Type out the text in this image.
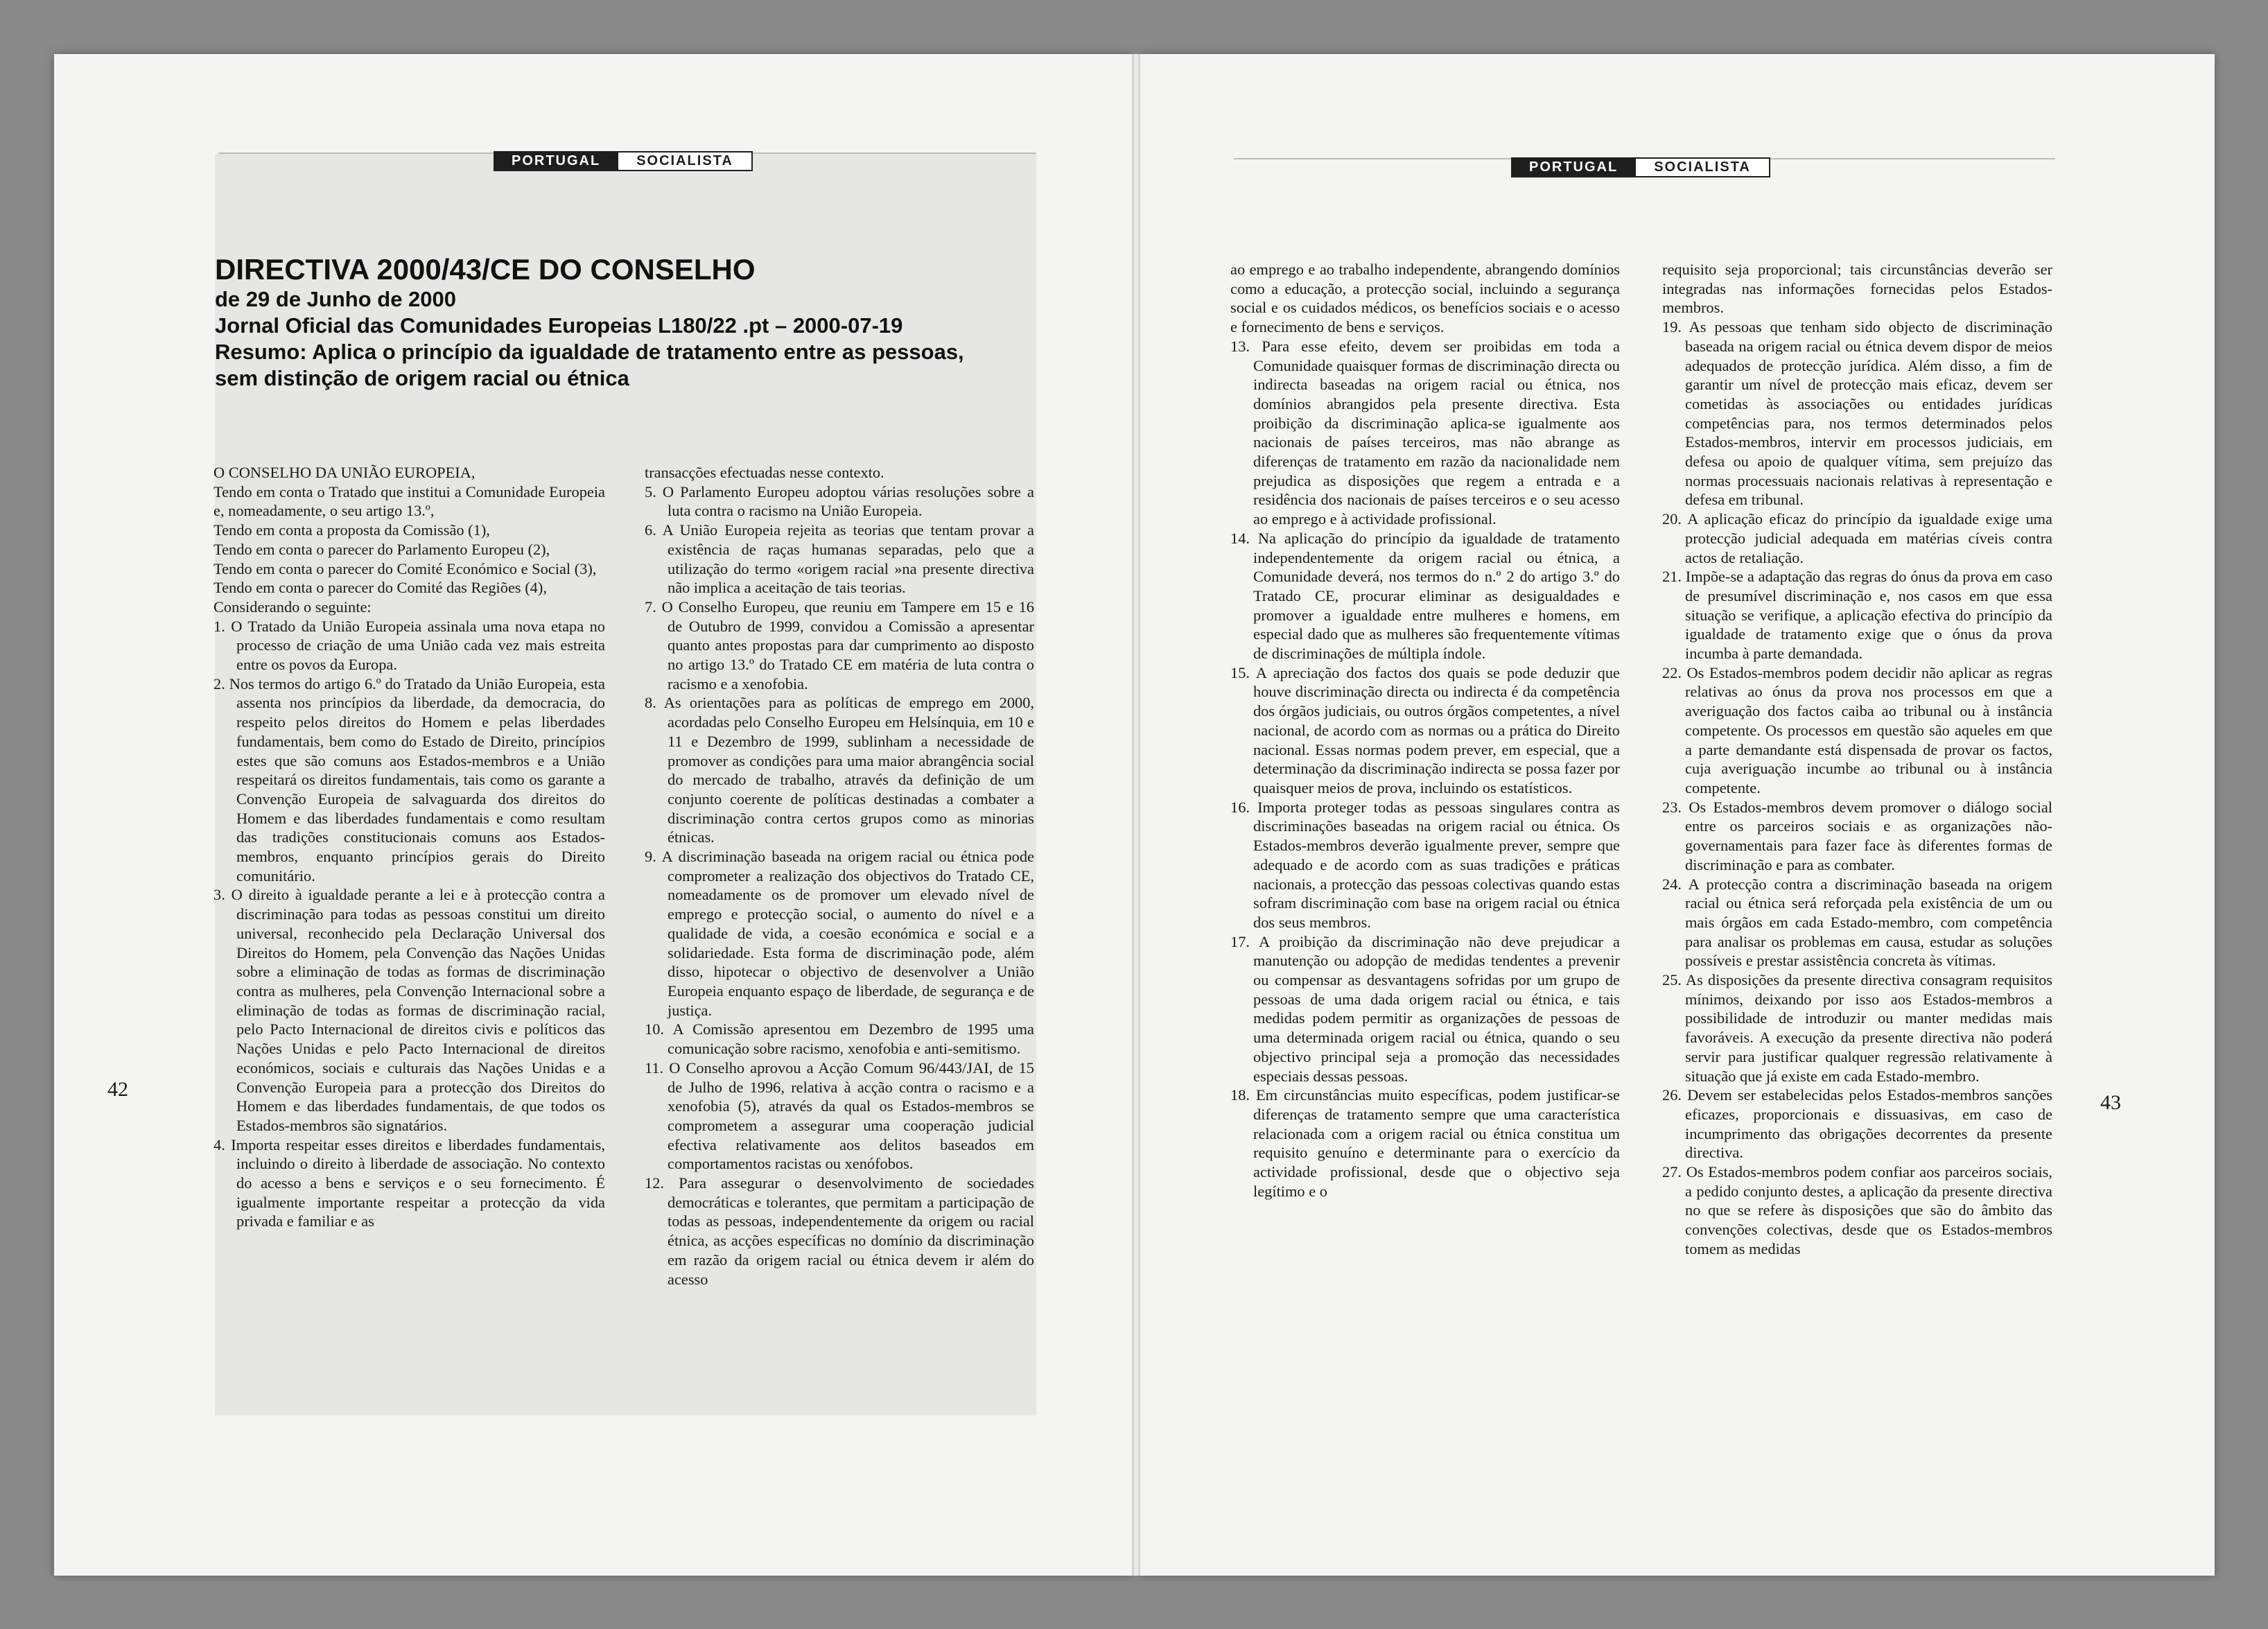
PORTUGAL	SOCIALISTA	PORTUGAL	SOCIALISTA
DIRECTIVA 2000/43/CE DO CONSELHO
de 29 de Junho de 2000
Jornal Oficial das Comunidades Europeias L180/22 .pt – 2000-07-19
Resumo: Aplica o princípio da igualdade de tratamento entre as pessoas,
sem distinção de origem racial ou étnica

O CONSELHO DA UNIÃO EUROPEIA,

Tendo em conta o Tratado que institui a Comunidade Europeia e, nomeadamente, o seu artigo 13.º,

Tendo em conta a proposta da Comissão (1),

Tendo em conta o parecer do Parlamento Europeu (2),

Tendo em conta o parecer do Comité Económico e Social (3),

Tendo em conta o parecer do Comité das Regiões (4),

Considerando o seguinte:

1. O Tratado da União Europeia assinala uma nova etapa no processo de criação de uma União cada vez mais estreita entre os povos da Europa.

2. Nos termos do artigo 6.º do Tratado da União Europeia, esta assenta nos princípios da liberdade, da democracia, do respeito pelos direitos do Homem e pelas liberdades fundamentais, bem como do Estado de Direito, princípios estes que são comuns aos Estados-membros e a União respeitará os direitos fundamentais, tais como os garante a Convenção Europeia de salvaguarda dos direitos do Homem e das liberdades fundamentais e como resultam das tradições constitucionais comuns aos Estados-membros, enquanto princípios gerais do Direito comunitário.

3. O direito à igualdade perante a lei e à protecção contra a discriminação para todas as pessoas constitui um direito universal, reconhecido pela Declaração Universal dos Direitos do Homem, pela Convenção das Nações Unidas sobre a eliminação de todas as formas de discriminação contra as mulheres, pela Convenção Internacional sobre a eliminação de todas as formas de discriminação racial, pelo Pacto Internacional de direitos civis e políticos das Nações Unidas e pelo Pacto Internacional de direitos económicos, sociais e culturais das Nações Unidas e a Convenção Europeia para a protecção dos Direitos do Homem e das liberdades fundamentais, de que todos os Estados-membros são signatários.

4. Importa respeitar esses direitos e liberdades fundamentais, incluindo o direito à liberdade de associação. No contexto do acesso a bens e serviços e o seu fornecimento. É igualmente importante respeitar a protecção da vida privada e familiar e as

transacções efectuadas nesse contexto.

5. O Parlamento Europeu adoptou várias resoluções sobre a luta contra o racismo na União Europeia.

6. A União Europeia rejeita as teorias que tentam provar a existência de raças humanas separadas, pelo que a utilização do termo «origem racial »na presente directiva não implica a aceitação de tais teorias.

7. O Conselho Europeu, que reuniu em Tampere em 15 e 16 de Outubro de 1999, convidou a Comissão a apresentar quanto antes propostas para dar cumprimento ao disposto no artigo 13.º do Tratado CE em matéria de luta contra o racismo e a xenofobia.

8. As orientações para as políticas de emprego em 2000, acordadas pelo Conselho Europeu em Helsínquia, em 10 e 11 e Dezembro de 1999, sublinham a necessidade de promover as condições para uma maior abrangência social do mercado de trabalho, através da definição de um conjunto coerente de políticas destinadas a combater a discriminação contra certos grupos como as minorias étnicas.

9. A discriminação baseada na origem racial ou étnica pode comprometer a realização dos objectivos do Tratado CE, nomeadamente os de promover um elevado nível de emprego e protecção social, o aumento do nível e a qualidade de vida, a coesão económica e social e a solidariedade. Esta forma de discriminação pode, além disso, hipotecar o objectivo de desenvolver a União Europeia enquanto espaço de liberdade, de segurança e de justiça.

10. A Comissão apresentou em Dezembro de 1995 uma comunicação sobre racismo, xenofobia e anti-semitismo.

11. O Conselho aprovou a Acção Comum 96/443/JAI, de 15 de Julho de 1996, relativa à acção contra o racismo e a xenofobia (5), através da qual os Estados-membros se comprometem a assegurar uma cooperação judicial efectiva relativamente aos delitos baseados em comportamentos racistas ou xenófobos.

12. Para assegurar o desenvolvimento de sociedades democráticas e tolerantes, que permitam a participação de todas as pessoas, independentemente da origem ou racial étnica, as acções específicas no domínio da discriminação em razão da origem racial ou étnica devem ir além do acesso

ao emprego e ao trabalho independente, abrangendo domínios como a educação, a protecção social, incluindo a segurança social e os cuidados médicos, os benefícios sociais e o acesso e fornecimento de bens e serviços.

13. Para esse efeito, devem ser proibidas em toda a Comunidade quaisquer formas de discriminação directa ou indirecta baseadas na origem racial ou étnica, nos domínios abrangidos pela presente directiva. Esta proibição da discriminação aplica-se igualmente aos nacionais de países terceiros, mas não abrange as diferenças de tratamento em razão da nacionalidade nem prejudica as disposições que regem a entrada e a residência dos nacionais de países terceiros e o seu acesso ao emprego e à actividade profissional.

14. Na aplicação do princípio da igualdade de tratamento independentemente da origem racial ou étnica, a Comunidade deverá, nos termos do n.º 2 do artigo 3.º do Tratado CE, procurar eliminar as desigualdades e promover a igualdade entre mulheres e homens, em especial dado que as mulheres são frequentemente vítimas de discriminações de múltipla índole.

15. A apreciação dos factos dos quais se pode deduzir que houve discriminação directa ou indirecta é da competência dos órgãos judiciais, ou outros órgãos competentes, a nível nacional, de acordo com as normas ou a prática do Direito nacional. Essas normas podem prever, em especial, que a determinação da discriminação indirecta se possa fazer por quaisquer meios de prova, incluindo os estatísticos.

16. Importa proteger todas as pessoas singulares contra as discriminações baseadas na origem racial ou étnica. Os Estados-membros deverão igualmente prever, sempre que adequado e de acordo com as suas tradições e práticas nacionais, a protecção das pessoas colectivas quando estas sofram discriminação com base na origem racial ou étnica dos seus membros.

17. A proibição da discriminação não deve prejudicar a manutenção ou adopção de medidas tendentes a prevenir ou compensar as desvantagens sofridas por um grupo de pessoas de uma dada origem racial ou étnica, e tais medidas podem permitir as organizações de pessoas de uma determinada origem racial ou étnica, quando o seu objectivo principal seja a promoção das necessidades especiais dessas pessoas.

18. Em circunstâncias muito específicas, podem justificar-se diferenças de tratamento sempre que uma característica relacionada com a origem racial ou étnica constitua um requisito genuíno e determinante para o exercício da actividade profissional, desde que o objectivo seja legítimo e o

requisito seja proporcional; tais circunstâncias deverão ser integradas nas informações fornecidas pelos Estados-membros.

19. As pessoas que tenham sido objecto de discriminação baseada na origem racial ou étnica devem dispor de meios adequados de protecção jurídica. Além disso, a fim de garantir um nível de protecção mais eficaz, devem ser cometidas às associações ou entidades jurídicas competências para, nos termos determinados pelos Estados-membros, intervir em processos judiciais, em defesa ou apoio de qualquer vítima, sem prejuízo das normas processuais nacionais relativas à representação e defesa em tribunal.

20. A aplicação eficaz do princípio da igualdade exige uma protecção judicial adequada em matérias cíveis contra actos de retaliação.

21. Impõe-se a adaptação das regras do ónus da prova em caso de presumível discriminação e, nos casos em que essa situação se verifique, a aplicação efectiva do princípio da igualdade de tratamento exige que o ónus da prova incumba à parte demandada.

22. Os Estados-membros podem decidir não aplicar as regras relativas ao ónus da prova nos processos em que a averiguação dos factos caiba ao tribunal ou à instância competente. Os processos em questão são aqueles em que a parte demandante está dispensada de provar os factos, cuja averiguação incumbe ao tribunal ou à instância competente.

23. Os Estados-membros devem promover o diálogo social entre os parceiros sociais e as organizações não-governamentais para fazer face às diferentes formas de discriminação e para as combater.

24. A protecção contra a discriminação baseada na origem racial ou étnica será reforçada pela existência de um ou mais órgãos em cada Estado-membro, com competência para analisar os problemas em causa, estudar as soluções possíveis e prestar assistência concreta às vítimas.

25. As disposições da presente directiva consagram requisitos mínimos, deixando por isso aos Estados-membros a possibilidade de introduzir ou manter medidas mais favoráveis. A execução da presente directiva não poderá servir para justificar qualquer regressão relativamente à situação que já existe em cada Estado-membro.

26. Devem ser estabelecidas pelos Estados-membros sanções eficazes, proporcionais e dissuasivas, em caso de incumprimento das obrigações decorrentes da presente directiva.

27. Os Estados-membros podem confiar aos parceiros sociais, a pedido conjunto destes, a aplicação da presente directiva no que se refere às disposições que são do âmbito das convenções colectivas, desde que os Estados-membros tomem as medidas

42
43
